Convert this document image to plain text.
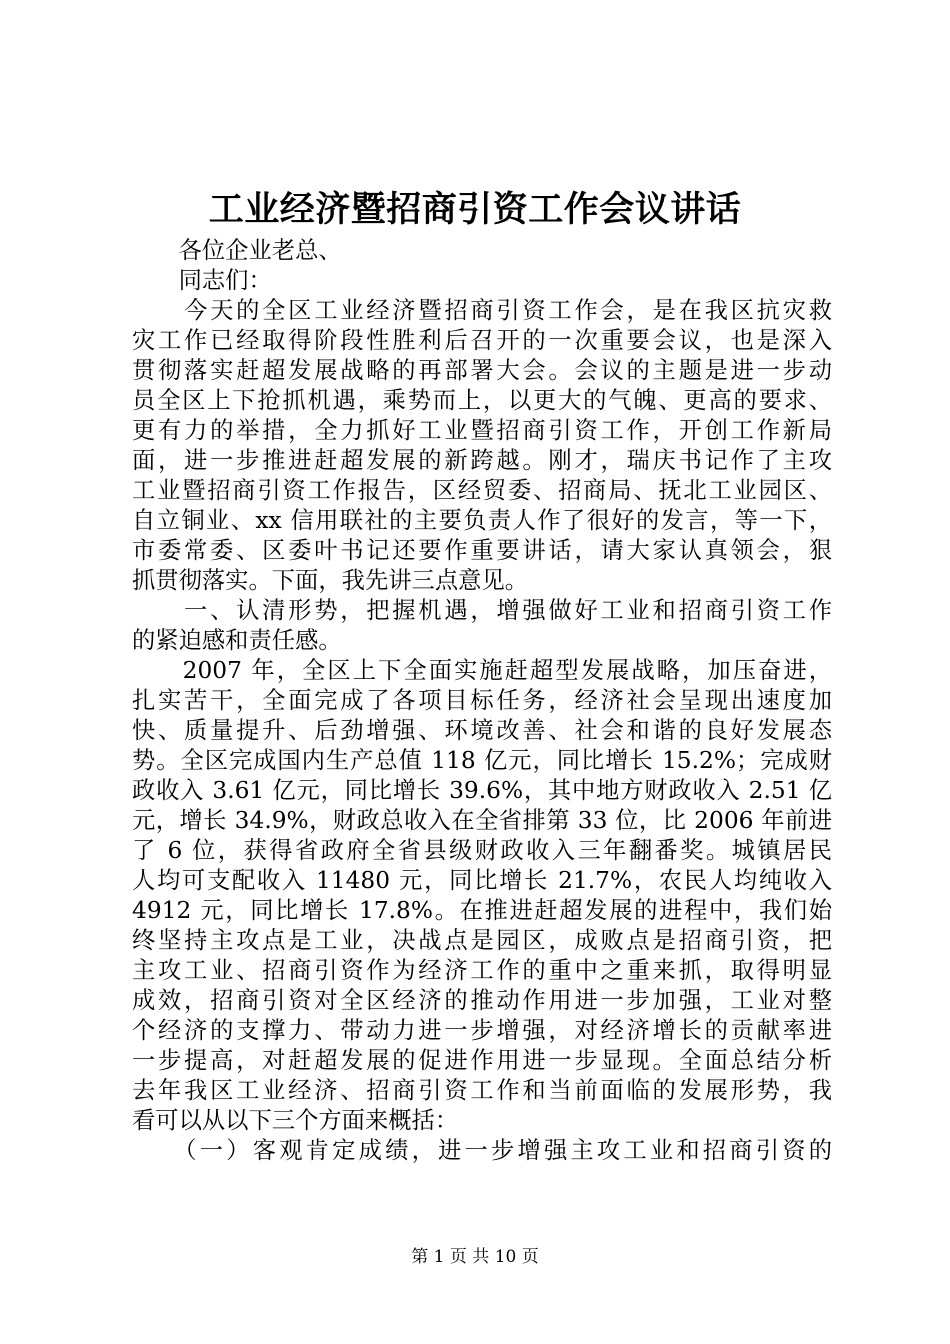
工业经济暨招商引资工作会议讲话
　　各位企业老总、
　　同志们：
　　今天的全区工业经济暨招商引资工作会，是在我区抗灾救
灾工作已经取得阶段性胜利后召开的一次重要会议，也是深入
贯彻落实赶超发展战略的再部署大会。会议的主题是进一步动
员全区上下抢抓机遇，乘势而上，以更大的气魄、更高的要求、
更有力的举措，全力抓好工业暨招商引资工作，开创工作新局
面，进一步推进赶超发展的新跨越。刚才，瑞庆书记作了主攻
工业暨招商引资工作报告，区经贸委、招商局、抚北工业园区、
自立铜业、xx 信用联社的主要负责人作了很好的发言，等一下，
市委常委、区委叶书记还要作重要讲话，请大家认真领会，狠
抓贯彻落实。下面，我先讲三点意见。
　　一、认清形势，把握机遇，增强做好工业和招商引资工作
的紧迫感和责任感。
　　2007 年，全区上下全面实施赶超型发展战略，加压奋进，
扎实苦干，全面完成了各项目标任务，经济社会呈现出速度加
快、质量提升、后劲增强、环境改善、社会和谐的良好发展态
势。全区完成国内生产总值 118 亿元，同比增长 15.2%；完成财
政收入 3.61 亿元，同比增长 39.6%，其中地方财政收入 2.51 亿
元，增长 34.9%，财政总收入在全省排第 33 位，比 2006 年前进
了 6 位，获得省政府全省县级财政收入三年翻番奖。城镇居民
人均可支配收入 11480 元，同比增长 21.7%，农民人均纯收入
4912 元，同比增长 17.8%。在推进赶超发展的进程中，我们始
终坚持主攻点是工业，决战点是园区，成败点是招商引资，把
主攻工业、招商引资作为经济工作的重中之重来抓，取得明显
成效，招商引资对全区经济的推动作用进一步加强，工业对整
个经济的支撑力、带动力进一步增强，对经济增长的贡献率进
一步提高，对赶超发展的促进作用进一步显现。全面总结分析
去年我区工业经济、招商引资工作和当前面临的发展形势，我
看可以从以下三个方面来概括：
　　（一）客观肯定成绩，进一步增强主攻工业和招商引资的
第 1 页 共 10 页
